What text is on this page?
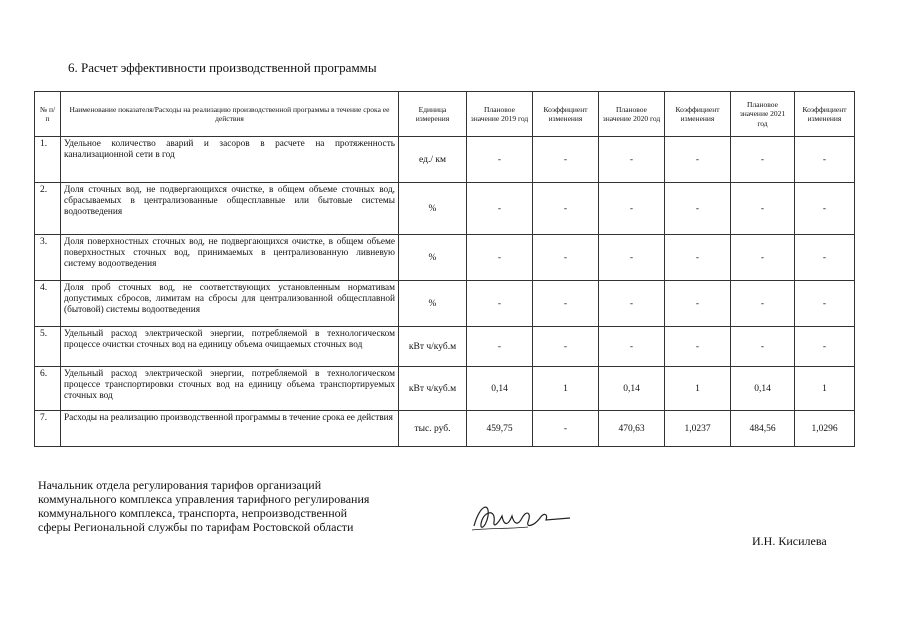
6. Расчет эффективности производственной программы
№ п/п	Наименование показателя/Расходы на реализацию производственной программы в течение срока ее действия	Единица измерения	Плановое значение 2019 год	Коэффициент изменения	Плановое значение 2020 год	Коэффициент изменения	Плановое значение 2021 год	Коэффициент изменения
1.	Удельное количество аварий и засоров в расчете на протяженность канализационной сети в год	ед./ км	-	-	-	-	-	-
2.	Доля сточных вод, не подвергающихся очистке, в общем объеме сточных вод, сбрасываемых в централизованные общесплавные или бытовые системы водоотведения	%	-	-	-	-	-	-
3.	Доля поверхностных сточных вод, не подвергающихся очистке, в общем объеме поверхностных сточных вод, принимаемых в централизованную ливневую систему водоотведения	%	-	-	-	-	-	-
4.	Доля проб сточных вод, не соответствующих установленным нормативам допустимых сбросов, лимитам на сбросы для централизованной общесплавной (бытовой) системы водоотведения	%	-	-	-	-	-	-
5.	Удельный расход электрической энергии, потребляемой в технологическом процессе очистки сточных вод на единицу объема очищаемых сточных вод	кВт ч/куб.м	-	-	-	-	-	-
6.	Удельный расход электрической энергии, потребляемой в технологическом процессе транспортировки сточных вод на единицу объема транспортируемых сточных вод	кВт ч/куб.м	0,14	1	0,14	1	0,14	1
7.	Расходы на реализацию производственной программы в течение срока ее действия	тыс. руб.	459,75	-	470,63	1,0237	484,56	1,0296
Начальник отдела регулирования тарифов организаций коммунального комплекса управления тарифного регулирования коммунального комплекса, транспорта, непроизводственной сферы Региональной службы по тарифам Ростовской области
И.Н. Кисилева
